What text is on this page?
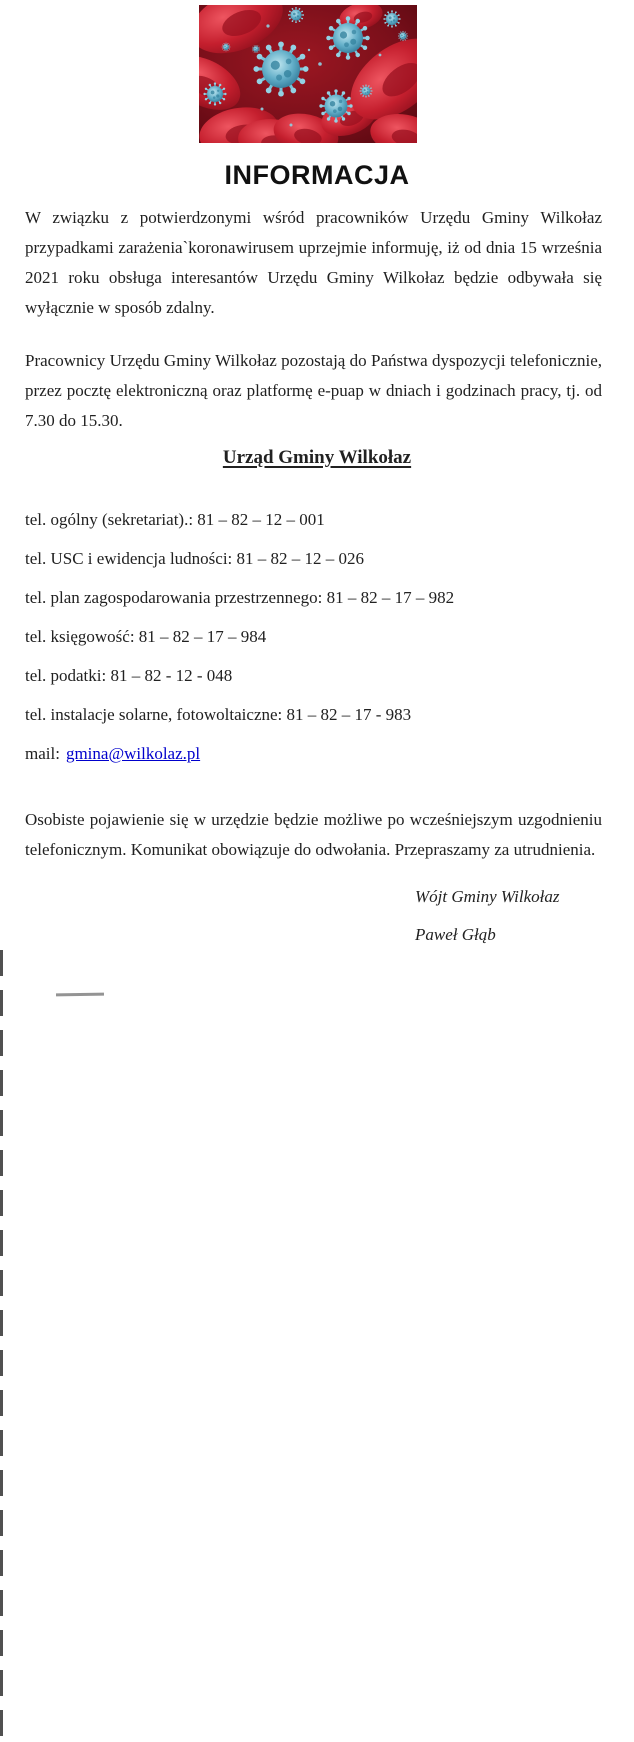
INFORMACJA

W związku z potwierdzonymi wśród pracowników Urzędu Gminy Wilkołaz przypadkami zarażenia`koronawirusem uprzejmie informuję, iż od dnia 15 września 2021 roku obsługa interesantów Urzędu Gminy Wilkołaz będzie odbywała się wyłącznie w sposób zdalny.

Pracownicy Urzędu Gminy Wilkołaz pozostają do Państwa dyspozycji telefonicznie, przez pocztę elektroniczną oraz platformę e-puap w dniach i godzinach pracy, tj. od 7.30 do 15.30.

Urząd Gminy Wilkołaz

tel. ogólny (sekretariat).: 81 – 82 – 12 – 001

tel. USC i ewidencja ludności: 81 – 82 – 12 – 026

tel. plan zagospodarowania przestrzennego: 81 – 82 – 17 – 982

tel. księgowość: 81 – 82 – 17 – 984

tel. podatki: 81 – 82 - 12 - 048

tel. instalacje solarne, fotowoltaiczne: 81 – 82 – 17 - 983

mail: gmina@wilkolaz.pl

Osobiste pojawienie się w urzędzie będzie możliwe po wcześniejszym uzgodnieniu telefonicznym. Komunikat obowiązuje do odwołania. Przepraszamy za utrudnienia.

Wójt Gminy Wilkołaz
Paweł Głąb
